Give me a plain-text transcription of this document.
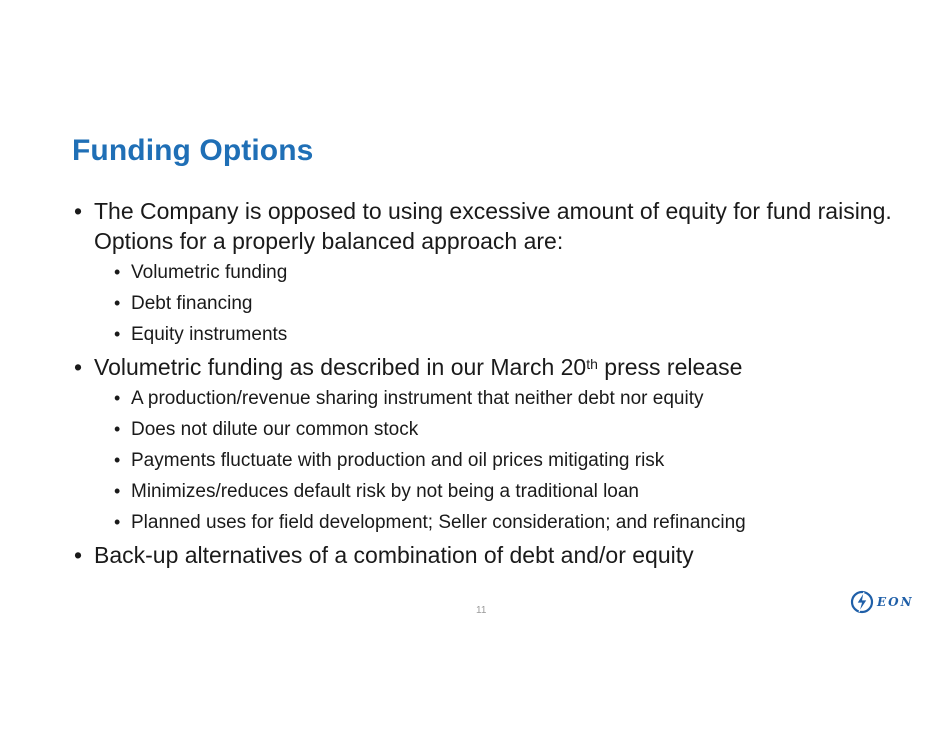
Funding Options
• The Company is opposed to using excessive amount of equity for fund raising. Options for a properly balanced approach are:
• Volumetric funding
• Debt financing
• Equity instruments
• Volumetric funding as described in our March 20th press release
• A production/revenue sharing instrument that neither debt nor equity
• Does not dilute our common stock
• Payments fluctuate with production and oil prices mitigating risk
• Minimizes/reduces default risk by not being a traditional loan
• Planned uses for field development; Seller consideration; and refinancing
• Back-up alternatives of a combination of debt and/or equity
11
EON
